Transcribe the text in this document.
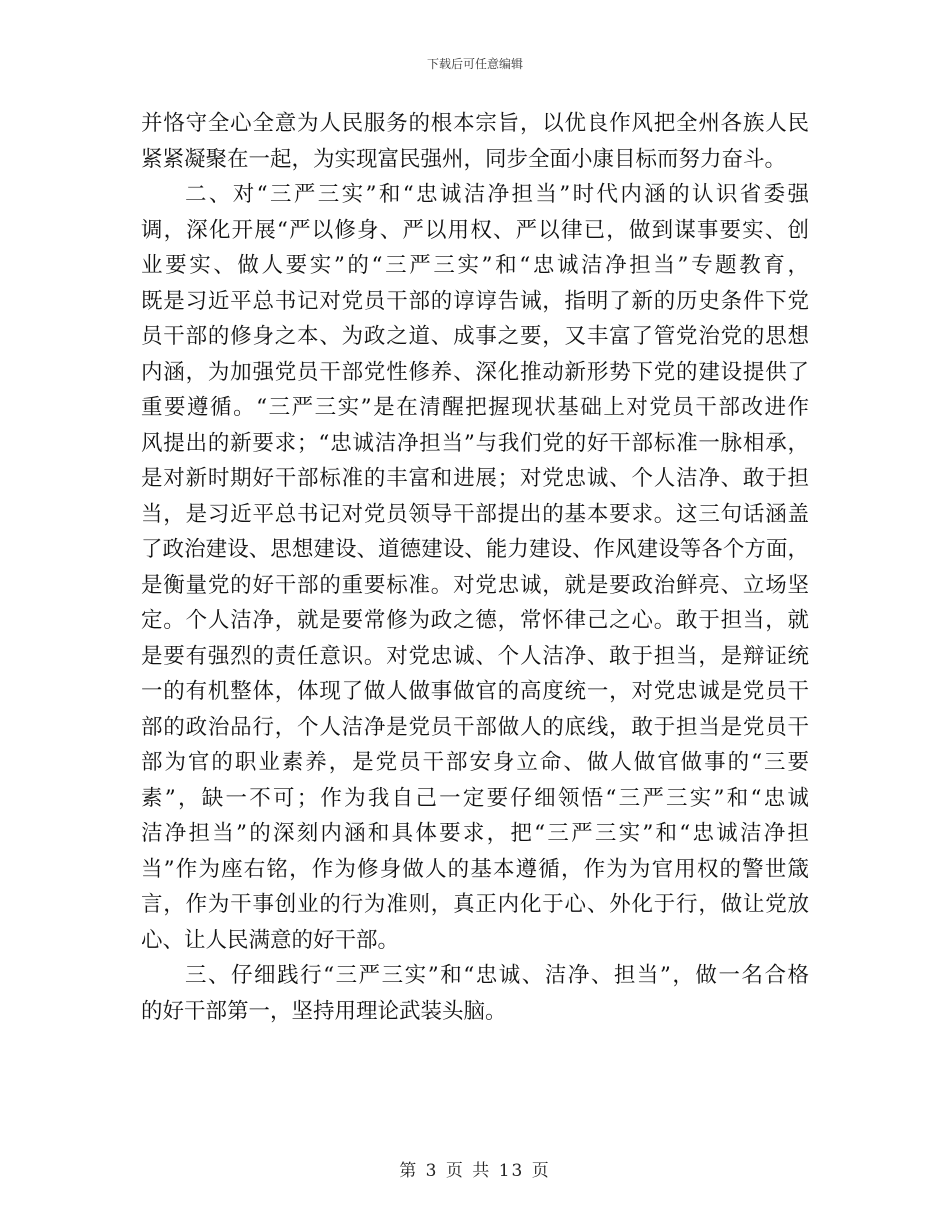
下载后可任意编辑
并恪守全心全意为人民服务的根本宗旨，以优良作风把全州各族人民
紧紧凝聚在一起，为实现富民强州，同步全面小康目标而努力奋斗。
二、对“三严三实”和“忠诚洁净担当”时代内涵的认识省委强
调，深化开展“严以修身、严以用权、严以律已，做到谋事要实、创
业要实、做人要实”的“三严三实”和“忠诚洁净担当”专题教育，
既是习近平总书记对党员干部的谆谆告诫，指明了新的历史条件下党
员干部的修身之本、为政之道、成事之要，又丰富了管党治党的思想
内涵，为加强党员干部党性修养、深化推动新形势下党的建设提供了
重要遵循。“三严三实”是在清醒把握现状基础上对党员干部改进作
风提出的新要求；“忠诚洁净担当”与我们党的好干部标准一脉相承，
是对新时期好干部标准的丰富和进展；对党忠诚、个人洁净、敢于担
当，是习近平总书记对党员领导干部提出的基本要求。这三句话涵盖
了政治建设、思想建设、道德建设、能力建设、作风建设等各个方面，
是衡量党的好干部的重要标准。对党忠诚，就是要政治鲜亮、立场坚
定。个人洁净，就是要常修为政之德，常怀律己之心。敢于担当，就
是要有强烈的责任意识。对党忠诚、个人洁净、敢于担当，是辩证统
一的有机整体，体现了做人做事做官的高度统一，对党忠诚是党员干
部的政治品行，个人洁净是党员干部做人的底线，敢于担当是党员干
部为官的职业素养，是党员干部安身立命、做人做官做事的“三要
素”，缺一不可；作为我自己一定要仔细领悟“三严三实”和“忠诚
洁净担当”的深刻内涵和具体要求，把“三严三实”和“忠诚洁净担
当”作为座右铭，作为修身做人的基本遵循，作为为官用权的警世箴
言，作为干事创业的行为准则，真正内化于心、外化于行，做让党放
心、让人民满意的好干部。
三、仔细践行“三严三实”和“忠诚、洁净、担当”，做一名合格
的好干部第一，坚持用理论武装头脑。
第 3 页 共 13 页
